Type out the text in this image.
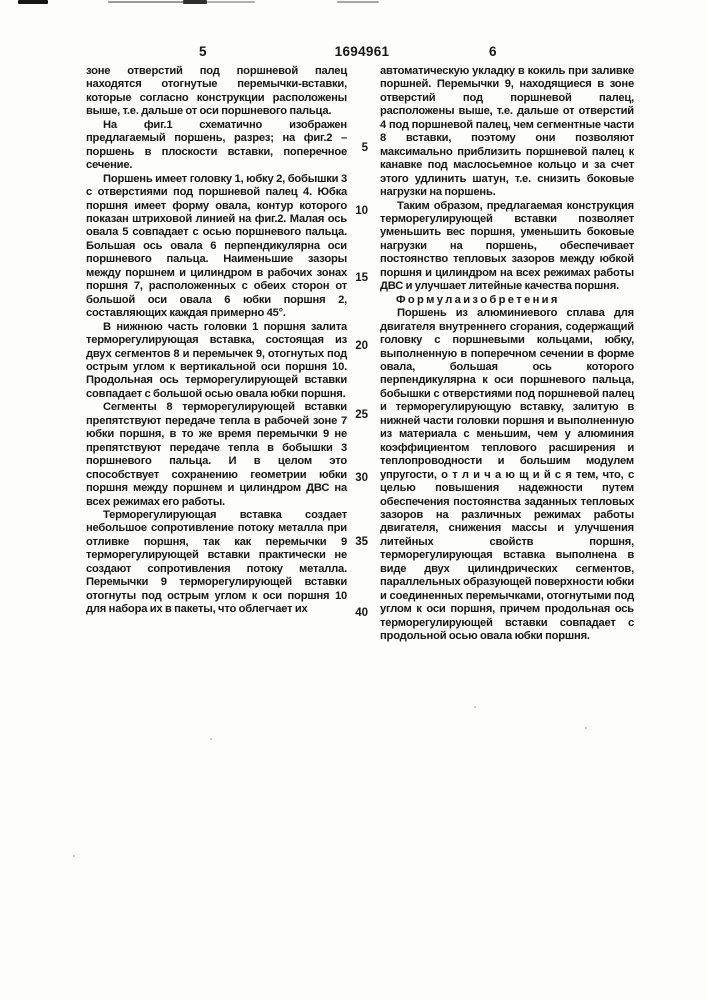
5	1694961	6

зоне отверстий под поршневой палец находятся отогнутые перемычки-вставки, которые согласно конструкции расположены выше, т.е. дальше от оси поршневого пальца.

На фиг.1 схематично изображен предлагаемый поршень, разрез; на фиг.2 – поршень в плоскости вставки, поперечное сечение.

Поршень имеет головку 1, юбку 2, бобышки 3 с отверстиями под поршневой палец 4. Юбка поршня имеет форму овала, контур которого показан штриховой линией на фиг.2. Малая ось овала 5 совпадает с осью поршневого пальца. Большая ось овала 6 перпендикулярна оси поршневого пальца. Наименьшие зазоры между поршнем и цилиндром в рабочих зонах поршня 7, расположенных с обеих сторон от большой оси овала 6 юбки поршня 2, составляющих каждая примерно 45°.

В нижнюю часть головки 1 поршня залита терморегулирующая вставка, состоящая из двух сегментов 8 и перемычек 9, отогнутых под острым углом к вертикальной оси поршня 10. Продольная ось терморегулирующей вставки совпадает с большой осью овала юбки поршня.

Сегменты 8 терморегулирующей вставки препятствуют передаче тепла в рабочей зоне 7 юбки поршня, в то же время перемычки 9 не препятствуют передаче тепла в бобышки 3 поршневого пальца. И в целом это способствует сохранению геометрии юбки поршня между поршнем и цилиндром ДВС на всех режимах его работы.

Терморегулирующая вставка создает небольшое сопротивление потоку металла при отливке поршня, так как перемычки 9 терморегулирующей вставки практически не создают сопротивления потоку металла. Перемычки 9 терморегулирующей вставки отогнуты под острым углом к оси поршня 10 для набора их в пакеты, что облегчает их

5
10
15
20
25
30
35
40

автоматическую укладку в кокиль при заливке поршней. Перемычки 9, находящиеся в зоне отверстий под поршневой палец, расположены выше, т.е. дальше от отверстий 4 под поршневой палец, чем сегментные части 8 вставки, поэтому они позволяют максимально приблизить поршневой палец к канавке под маслосьемное кольцо и за счет этого удлинить шатун, т.е. снизить боковые нагрузки на поршень.

Таким образом, предлагаемая конструкция терморегулирующей вставки позволяет уменьшить вес поршня, уменьшить боковые нагрузки на поршень, обеспечивает постоянство тепловых зазоров между юбкой поршня и цилиндром на всех режимах работы ДВС и улучшает литейные качества поршня.

Ф о р м у л а и з о б р е т е н и я

Поршень из алюминиевого сплава для двигателя внутреннего сгорания, содержащий головку с поршневыми кольцами, юбку, выполненную в поперечном сечении в форме овала, большая ось которого перпендикулярна к оси поршневого пальца, бобышки с отверстиями под поршневой палец и терморегулирующую вставку, залитую в нижней части головки поршня и выполненную из материала с меньшим, чем у алюминия коэффициентом теплового расширения и теплопроводности и большим модулем упругости, о т л и ч а ю щ и й с я тем, что, с целью повышения надежности путем обеспечения постоянства заданных тепловых зазоров на различных режимах работы двигателя, снижения массы и улучшения литейных свойств поршня, терморегулирующая вставка выполнена в виде двух цилиндрических сегментов, параллельных образующей поверхности юбки и соединенных перемычками, отогнутыми под углом к оси поршня, причем продольная ось терморегулирующей вставки совпадает с продольной осью овала юбки поршня.
